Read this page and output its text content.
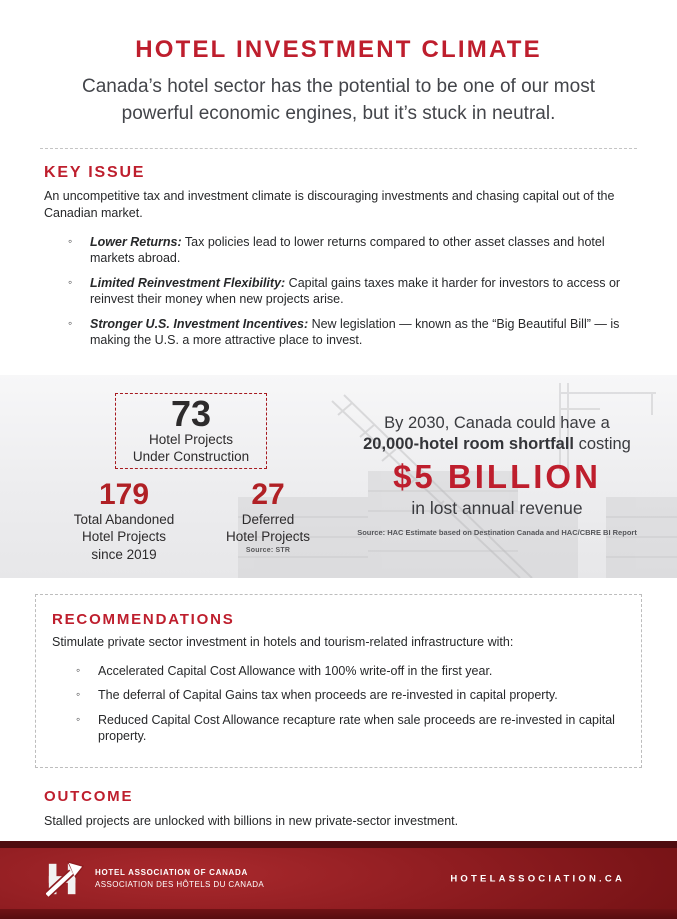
HOTEL INVESTMENT CLIMATE
Canada’s hotel sector has the potential to be one of our most powerful economic engines, but it’s stuck in neutral.
KEY ISSUE
An uncompetitive tax and investment climate is discouraging investments and chasing capital out of the Canadian market.
◦ Lower Returns: Tax policies lead to lower returns compared to other asset classes and hotel markets abroad.
◦ Limited Reinvestment Flexibility: Capital gains taxes make it harder for investors to access or reinvest their money when new projects arise.
◦ Stronger U.S. Investment Incentives: New legislation — known as the “Big Beautiful Bill” — is making the U.S. a more attractive place to invest.
73
Hotel Projects
Under Construction
179
Total Abandoned
Hotel Projects
since 2019
27
Deferred
Hotel Projects
Source: STR
By 2030, Canada could have a
20,000-hotel room shortfall costing
$5 BILLION
in lost annual revenue
Source: HAC Estimate based on Destination Canada and HAC/CBRE BI Report
RECOMMENDATIONS
Stimulate private sector investment in hotels and tourism-related infrastructure with:
◦ Accelerated Capital Cost Allowance with 100% write-off in the first year.
◦ The deferral of Capital Gains tax when proceeds are re-invested in capital property.
◦ Reduced Capital Cost Allowance recapture rate when sale proceeds are re-invested in capital property.
OUTCOME

Stalled projects are unlocked with billions in new private-sector investment.

HOTEL ASSOCIATION OF CANADA
ASSOCIATION DES HÔTELS DU CANADA
HOTELASSOCIATION.CA
